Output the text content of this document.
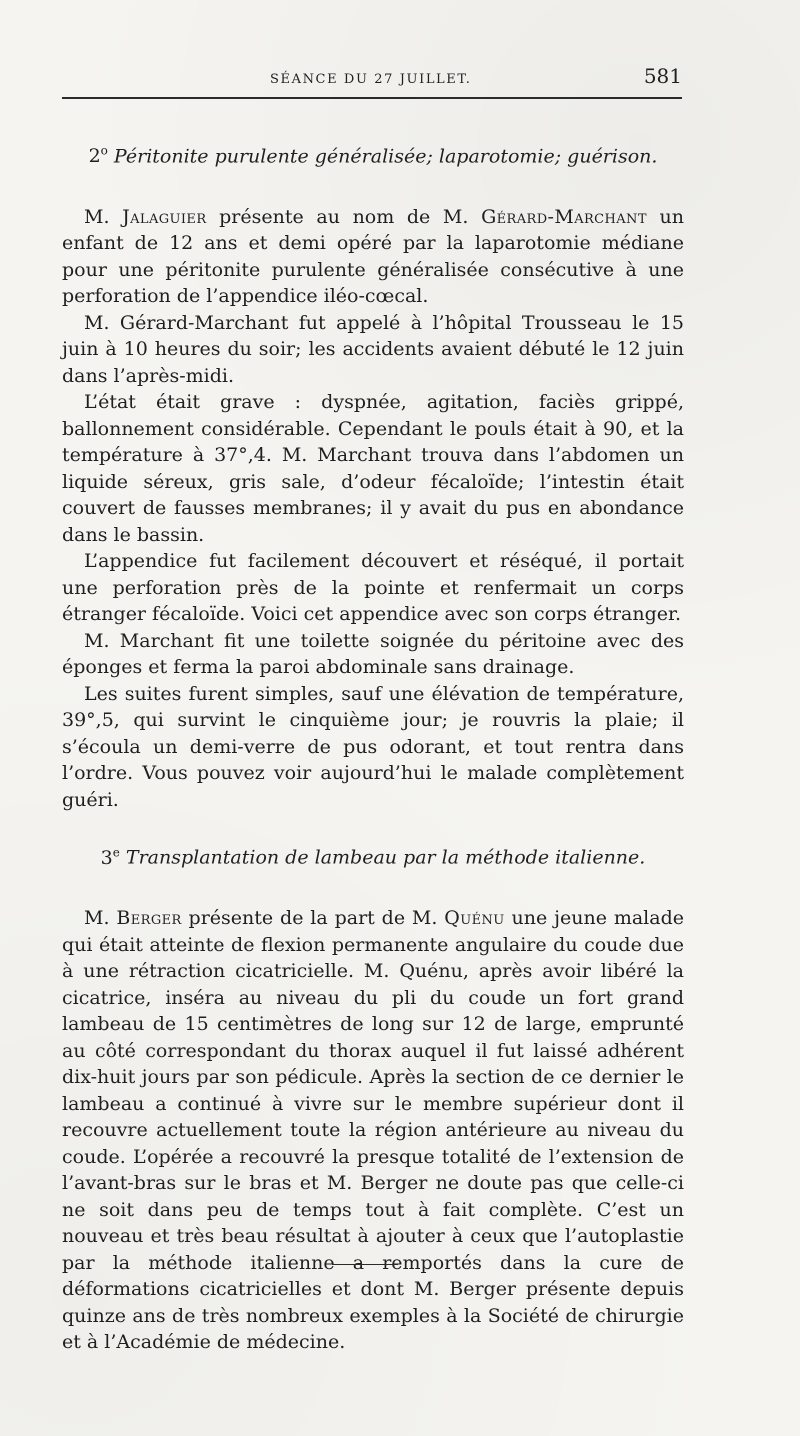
SÉANCE DU 27 JUILLET.	581
2$^o$ Péritonite purulente généralisée; laparotomie; guérison.

M. Jalaguier présente au nom de M. Gérard-Marchant un enfant de 12 ans et demi opéré par la laparotomie médiane pour une péritonite purulente généralisée consécutive à une perforation de l’appendice iléo-cœcal.

M. Gérard-Marchant fut appelé à l’hôpital Trousseau le 15 juin à 10 heures du soir; les accidents avaient débuté le 12 juin dans l’après-midi.

L’état était grave : dyspnée, agitation, faciès grippé, ballonnement considérable. Cependant le pouls était à 90, et la température à 37°,4. M. Marchant trouva dans l’abdomen un liquide séreux, gris sale, d’odeur fécaloïde; l’intestin était couvert de fausses membranes; il y avait du pus en abondance dans le bassin.

L’appendice fut facilement découvert et réséqué, il portait une perforation près de la pointe et renfermait un corps étranger fécaloïde. Voici cet appendice avec son corps étranger.

M. Marchant fit une toilette soignée du péritoine avec des éponges et ferma la paroi abdominale sans drainage.

Les suites furent simples, sauf une élévation de température, 39°,5, qui survint le cinquième jour; je rouvris la plaie; il s’écoula un demi-verre de pus odorant, et tout rentra dans l’ordre. Vous pouvez voir aujourd’hui le malade complètement guéri.

3e Transplantation de lambeau par la méthode italienne.

M. Berger présente de la part de M. Quénu une jeune malade qui était atteinte de flexion permanente angulaire du coude due à une rétraction cicatricielle. M. Quénu, après avoir libéré la cicatrice, inséra au niveau du pli du coude un fort grand lambeau de 15 centimètres de long sur 12 de large, emprunté au côté correspondant du thorax auquel il fut laissé adhérent dix-huit jours par son pédicule. Après la section de ce dernier le lambeau a continué à vivre sur le membre supérieur dont il recouvre actuellement toute la région antérieure au niveau du coude. L’opérée a recouvré la presque totalité de l’extension de l’avant-bras sur le bras et M. Berger ne doute pas que celle-ci ne soit dans peu de temps tout à fait complète. C’est un nouveau et très beau résultat à ajouter à ceux que l’autoplastie par la méthode italienne a remportés dans la cure de déformations cicatricielles et dont M. Berger présente depuis quinze ans de très nombreux exemples à la Société de chirurgie et à l’Académie de médecine.
